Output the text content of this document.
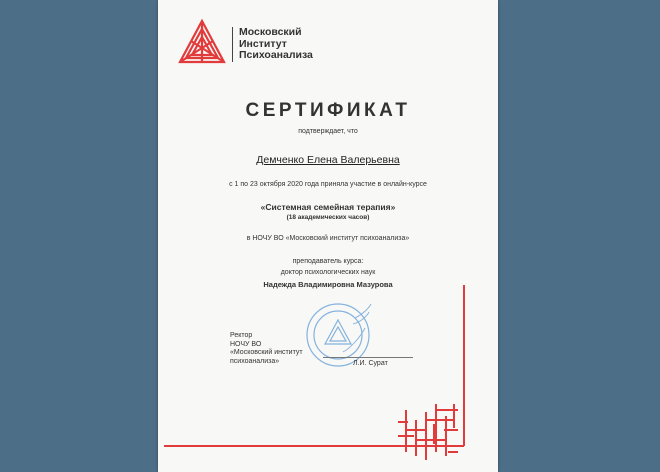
Московский
Институт
Психоанализа
СЕРТИФИКАТ
подтверждает, что
Демченко Елена Валерьевна
с 1 по 23 октября 2020 года приняла участие в онлайн-курсе
«Системная семейная терапия»
(18 академических часов)
в НОЧУ ВО «Московский институт психоанализа»
преподаватель курса:
доктор психологических наук
Надежда Владимировна Мазурова
Ректор
НОЧУ ВО
«Московский институт
психоанализа»	Л.И. Сурат
